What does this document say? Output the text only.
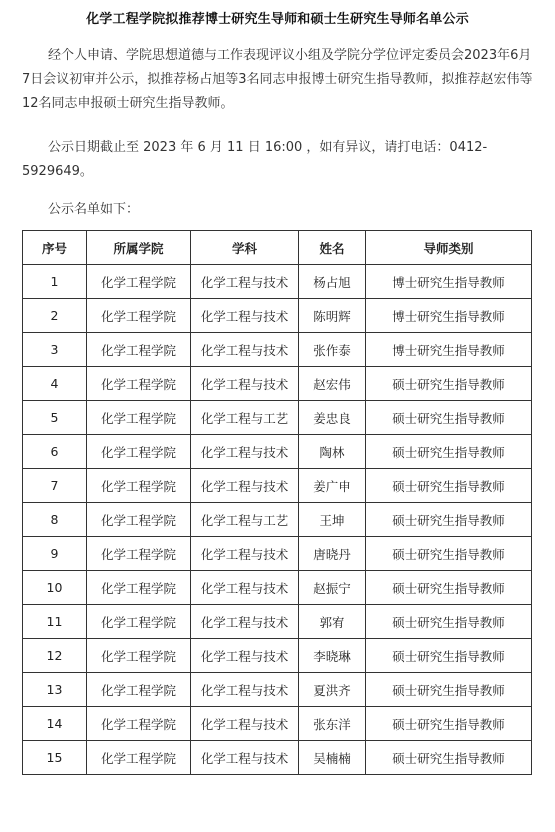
化学工程学院拟推荐博士研究生导师和硕士生研究生导师名单公示
经个人申请、学院思想道德与工作表现评议小组及学院分学位评定委员会2023年6月7日会议初审并公示，拟推荐杨占旭等3名同志申报博士研究生指导教师，拟推荐赵宏伟等12名同志申报硕士研究生指导教师。
公示日期截止至 2023 年 6 月 11 日 16:00 ，如有异议，请打电话：0412-5929649。
公示名单如下：
序号	所属学院	学科	姓名	导师类别
1	化学工程学院	化学工程与技术	杨占旭	博士研究生指导教师
2	化学工程学院	化学工程与技术	陈明辉	博士研究生指导教师
3	化学工程学院	化学工程与技术	张作泰	博士研究生指导教师
4	化学工程学院	化学工程与技术	赵宏伟	硕士研究生指导教师
5	化学工程学院	化学工程与工艺	姜忠良	硕士研究生指导教师
6	化学工程学院	化学工程与技术	陶林	硕士研究生指导教师
7	化学工程学院	化学工程与技术	姜广申	硕士研究生指导教师
8	化学工程学院	化学工程与工艺	王坤	硕士研究生指导教师
9	化学工程学院	化学工程与技术	唐晓丹	硕士研究生指导教师
10	化学工程学院	化学工程与技术	赵振宁	硕士研究生指导教师
11	化学工程学院	化学工程与技术	郭宥	硕士研究生指导教师
12	化学工程学院	化学工程与技术	李晓琳	硕士研究生指导教师
13	化学工程学院	化学工程与技术	夏洪齐	硕士研究生指导教师
14	化学工程学院	化学工程与技术	张东洋	硕士研究生指导教师
15	化学工程学院	化学工程与技术	吴楠楠	硕士研究生指导教师
